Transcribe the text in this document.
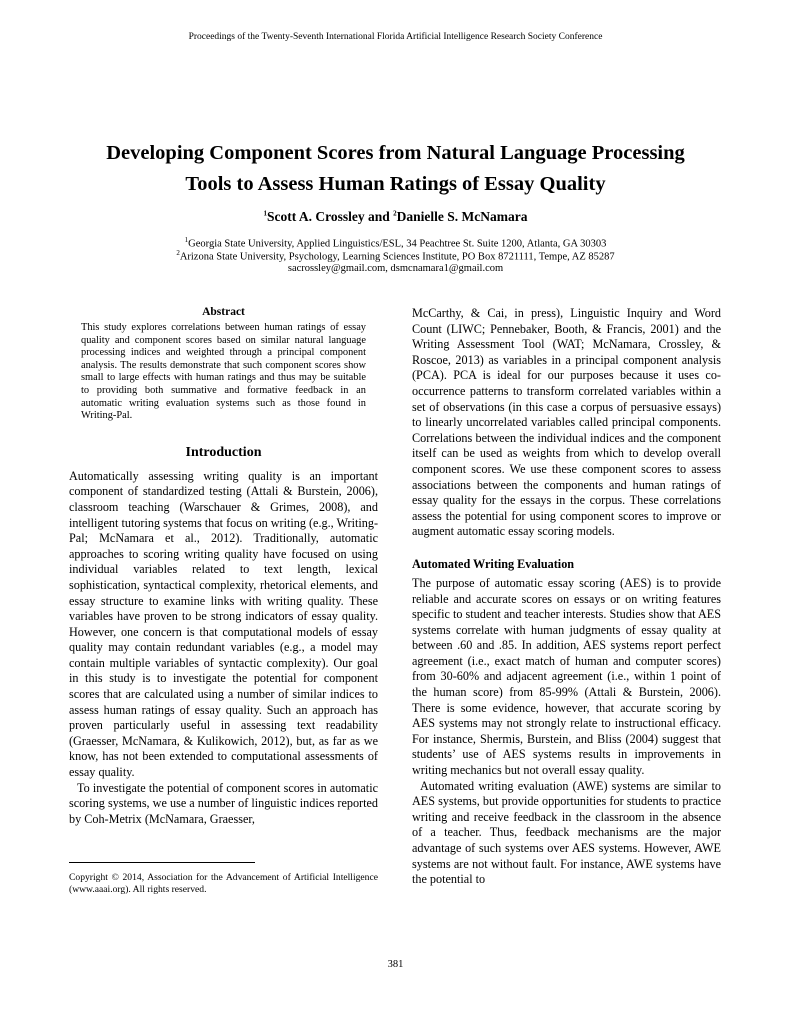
Proceedings of the Twenty-Seventh International Florida Artificial Intelligence Research Society Conference
Developing Component Scores from Natural Language Processing
Tools to Assess Human Ratings of Essay Quality
$^1$Scott A. Crossley and $^2$Danielle S. McNamara
$^1$Georgia State University, Applied Linguistics/ESL, 34 Peachtree St. Suite 1200, Atlanta, GA 30303
$^2$Arizona State University, Psychology, Learning Sciences Institute, PO Box 8721111, Tempe, AZ 85287
sacrossley@gmail.com, dsmcnamara1@gmail.com
Abstract
This study explores correlations between human ratings of essay quality and component scores based on similar natural language processing indices and weighted through a principal component analysis. The results demonstrate that such component scores show small to large effects with human ratings and thus may be suitable to providing both summative and formative feedback in an automatic writing evaluation systems such as those found in Writing-Pal.
Introduction

Automatically assessing writing quality is an important component of standardized testing (Attali & Burstein, 2006), classroom teaching (Warschauer & Grimes, 2008), and intelligent tutoring systems that focus on writing (e.g., Writing-Pal; McNamara et al., 2012). Traditionally, automatic approaches to scoring writing quality have focused on using individual variables related to text length, lexical sophistication, syntactical complexity, rhetorical elements, and essay structure to examine links with writing quality. These variables have proven to be strong indicators of essay quality. However, one concern is that computational models of essay quality may contain redundant variables (e.g., a model may contain multiple variables of syntactic complexity). Our goal in this study is to investigate the potential for component scores that are calculated using a number of similar indices to assess human ratings of essay quality. Such an approach has proven particularly useful in assessing text readability (Graesser, McNamara, & Kulikowich, 2012), but, as far as we know, has not been extended to computational assessments of essay quality.

To investigate the potential of component scores in automatic scoring systems, we use a number of linguistic indices reported by Coh-Metrix (McNamara, Graesser,

McCarthy, & Cai, in press), Linguistic Inquiry and Word Count (LIWC; Pennebaker, Booth, & Francis, 2001) and the Writing Assessment Tool (WAT; McNamara, Crossley, & Roscoe, 2013) as variables in a principal component analysis (PCA). PCA is ideal for our purposes because it uses co-occurrence patterns to transform correlated variables within a set of observations (in this case a corpus of persuasive essays) to linearly uncorrelated variables called principal components. Correlations between the individual indices and the component itself can be used as weights from which to develop overall component scores. We use these component scores to assess associations between the components and human ratings of essay quality for the essays in the corpus. These correlations assess the potential for using component scores to improve or augment automatic essay scoring models.

Automated Writing Evaluation

The purpose of automatic essay scoring (AES) is to provide reliable and accurate scores on essays or on writing features specific to student and teacher interests. Studies show that AES systems correlate with human judgments of essay quality at between .60 and .85. In addition, AES systems report perfect agreement (i.e., exact match of human and computer scores) from 30-60% and adjacent agreement (i.e., within 1 point of the human score) from 85-99% (Attali & Burstein, 2006). There is some evidence, however, that accurate scoring by AES systems may not strongly relate to instructional efficacy. For instance, Shermis, Burstein, and Bliss (2004) suggest that students’ use of AES systems results in improvements in writing mechanics but not overall essay quality.

Automated writing evaluation (AWE) systems are similar to AES systems, but provide opportunities for students to practice writing and receive feedback in the classroom in the absence of a teacher. Thus, feedback mechanisms are the major advantage of such systems over AES systems. However, AWE systems are not without fault. For instance, AWE systems have the potential to

Copyright © 2014, Association for the Advancement of Artificial Intelligence (www.aaai.org). All rights reserved.
381
